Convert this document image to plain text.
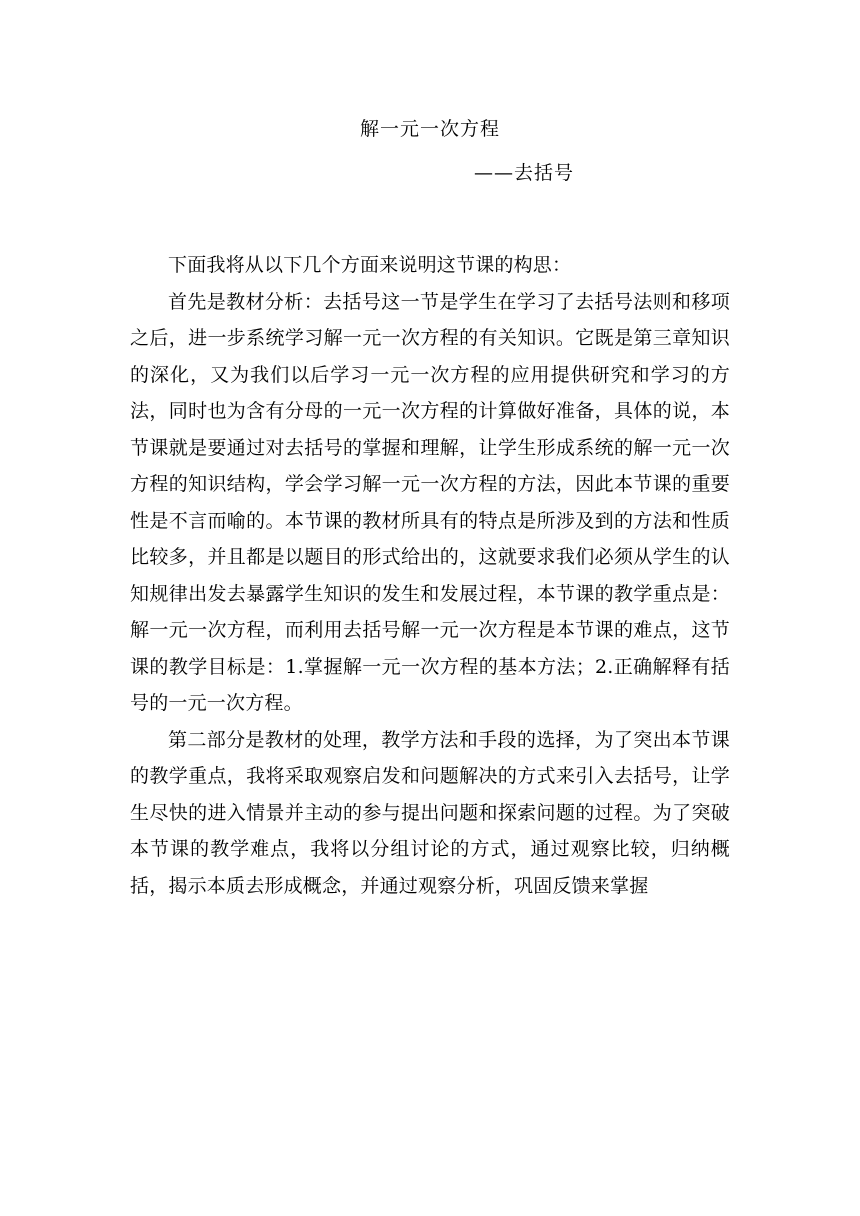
解一元一次方程

——去括号

下面我将从以下几个方面来说明这节课的构思：

首先是教材分析：去括号这一节是学生在学习了去括号法则和移项之后，进一步系统学习解一元一次方程的有关知识。它既是第三章知识的深化，又为我们以后学习一元一次方程的应用提供研究和学习的方法，同时也为含有分母的一元一次方程的计算做好准备，具体的说，本节课就是要通过对去括号的掌握和理解，让学生形成系统的解一元一次方程的知识结构，学会学习解一元一次方程的方法，因此本节课的重要性是不言而喻的。本节课的教材所具有的特点是所涉及到的方法和性质比较多，并且都是以题目的形式给出的，这就要求我们必须从学生的认知规律出发去暴露学生知识的发生和发展过程，本节课的教学重点是：解一元一次方程，而利用去括号解一元一次方程是本节课的难点，这节课的教学目标是：1.掌握解一元一次方程的基本方法；2.正确解释有括号的一元一次方程。

第二部分是教材的处理，教学方法和手段的选择，为了突出本节课的教学重点，我将采取观察启发和问题解决的方式来引入去括号，让学生尽快的进入情景并主动的参与提出问题和探索问题的过程。为了突破本节课的教学难点，我将以分组讨论的方式，通过观察比较，归纳概括，揭示本质去形成概念，并通过观察分析，巩固反馈来掌握
